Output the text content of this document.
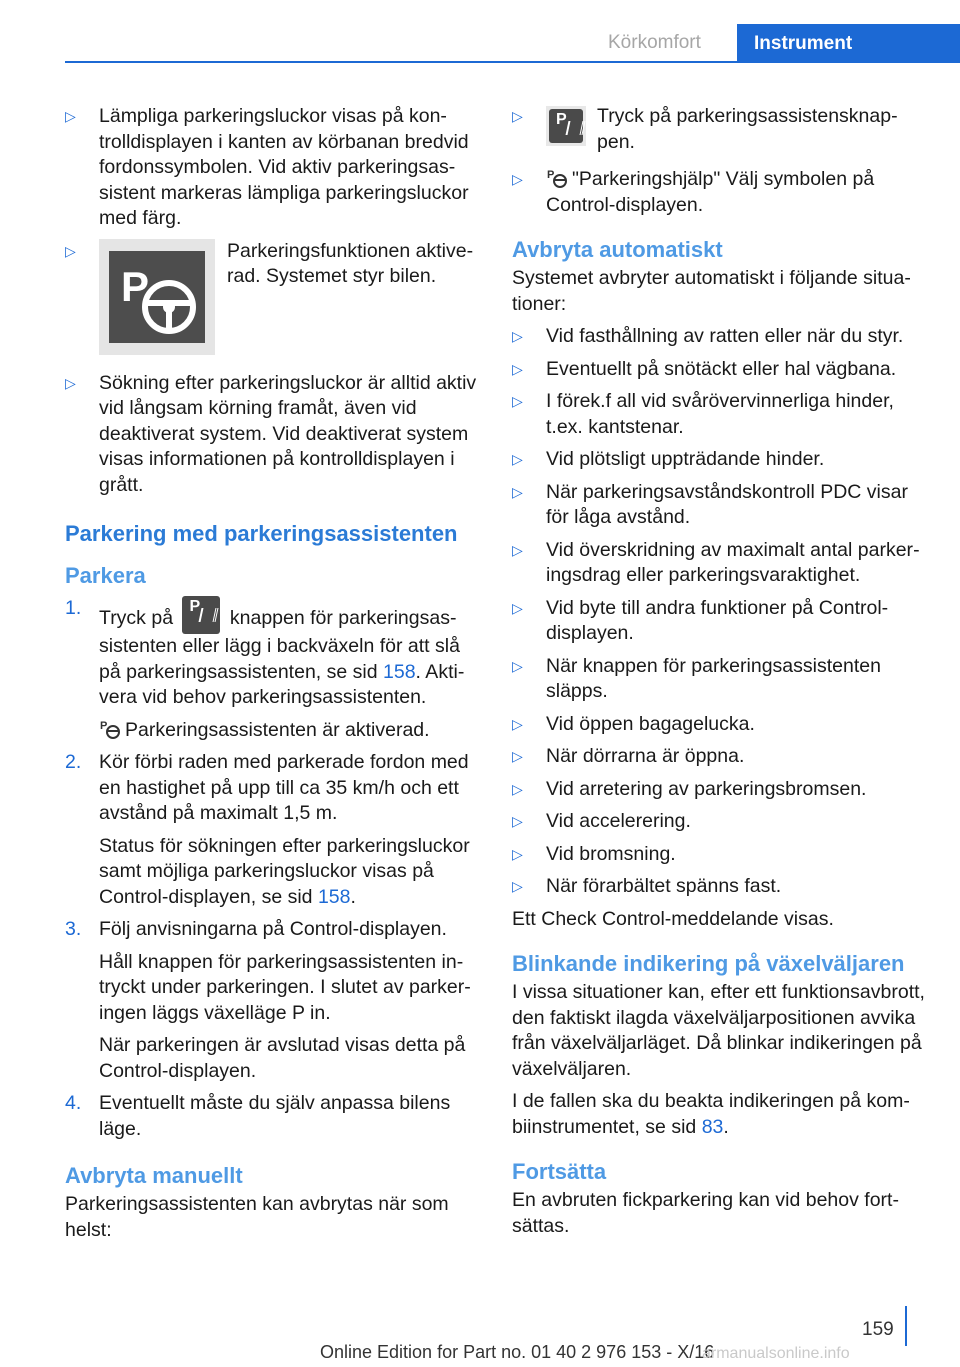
Körkomfort	Instrument
▷ Lämpliga parkeringsluckor visas på kontrolldisplayen i kanten av körbanan bredvid fordonssymbolen. Vid aktiv parkeringsassistent markeras lämpliga parkeringsluckor med färg.
▷
P
Parkeringsfunktionen aktiverad. Systemet styr bilen.
▷ Sökning efter parkeringsluckor är alltid aktiv vid långsam körning framåt, även vid deaktiverat system. Vid deaktiverat system visas informationen på kontrolldisplayen i grått.
Parkering med parkeringsassistenten
Parkera
1. Tryck på P	knappen för parkeringsassistenten eller lägg i backväxeln för att slå på parkeringsassistenten, se sid 158. Aktivera vid behov parkeringsassistenten.

P Parkeringsassistenten är aktiverad.

2. Kör förbi raden med parkerade fordon med en hastighet på upp till ca 35 km/h och ett avstånd på maximalt 1,5 m.

Status för sökningen efter parkeringsluckor samt möjliga parkeringsluckor visas på Control-displayen, se sid 158.

3. Följ anvisningarna på Control-displayen.

Håll knappen för parkeringsassistenten intryckt under parkeringen. I slutet av parkeringen läggs växelläge P in.

När parkeringen är avslutad visas detta på Control-displayen.

4. Eventuellt måste du själv anpassa bilens läge.

Avbryta manuellt

Parkeringsassistenten kan avbrytas när som helst:

▷ P	Tryck på parkeringsassistensknappen.
▷ P "Parkeringshjälp" Välj symbolen på Control-displayen.
Avbryta automatiskt

Systemet avbryter automatiskt i följande situationer:

▷ Vid fasthållning av ratten eller när du styr.
▷ Eventuellt på snötäckt eller hal vägbana.
▷ I förek.f all vid svårövervinnerliga hinder, t.ex. kantstenar.
▷ Vid plötsligt uppträdande hinder.
▷ När parkeringsavståndskontroll PDC visar för låga avstånd.
▷ Vid överskridning av maximalt antal parkeringsdrag eller parkeringsvaraktighet.
▷ Vid byte till andra funktioner på Control-displayen.
▷ När knappen för parkeringsassistenten släpps.
▷ Vid öppen bagagelucka.
▷ När dörrarna är öppna.
▷ Vid arretering av parkeringsbromsen.
▷ Vid accelerering.
▷ Vid bromsning.
▷ När förarbältet spänns fast.

Ett Check Control-meddelande visas.

Blinkande indikering på växelväljaren

I vissa situationer kan, efter ett funktionsavbrott, den faktiskt ilagda växelväljarpositionen avvika från växelväljarläget. Då blinkar indikeringen på växelväljaren.

I de fallen ska du beakta indikeringen på kombiinstrumentet, se sid 83.

Fortsätta

En avbruten fickparkering kan vid behov fortsättas.

159
Online Edition for Part no. 01 40 2 976 153 - X/16
armanualsonline.info
